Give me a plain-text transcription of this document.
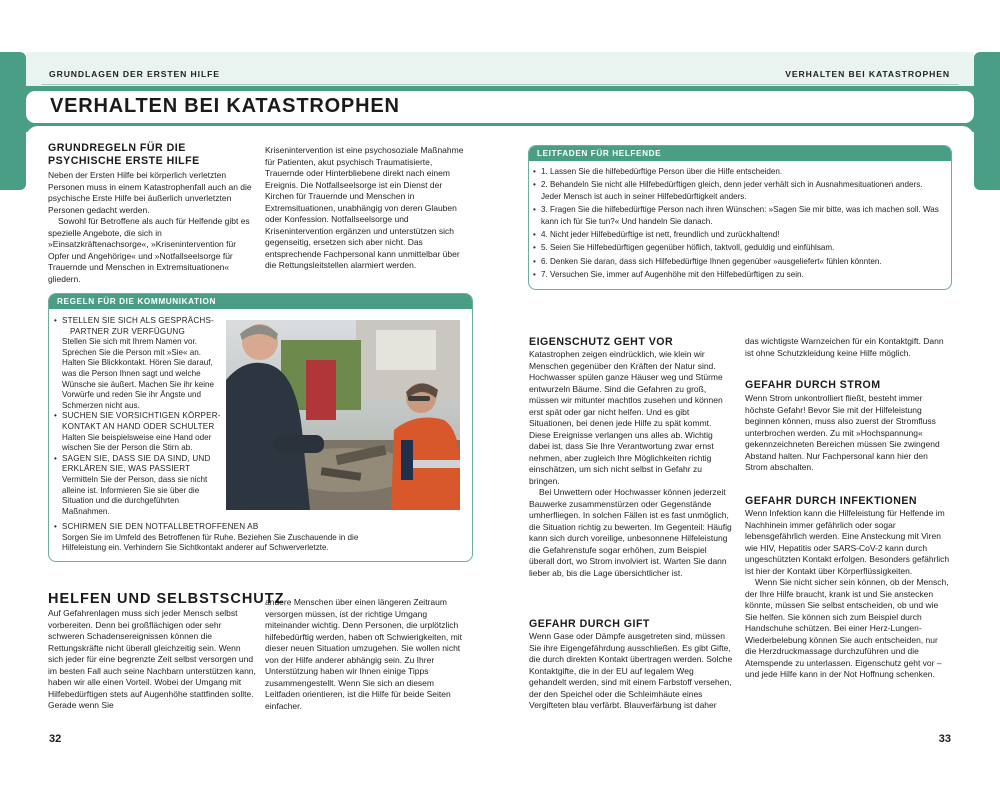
GRUNDLAGEN DER ERSTEN HILFE	VERHALTEN BEI KATASTROPHEN
VERHALTEN BEI KATASTROPHEN
GRUNDREGELN FÜR DIE
PSYCHISCHE ERSTE HILFE

Neben der Ersten Hilfe bei körperlich verletzten Personen muss in einem Katastrophenfall auch an die psychische Erste Hilfe bei äußerlich unverletzten Personen gedacht werden.

Sowohl für Betroffene als auch für Helfende gibt es spezielle Angebote, die sich in »Einsatzkräftenachsorge«, »Krisenintervention für Opfer und Angehörige« und »Notfallseelsorge für Trauernde und Menschen in Extremsituationen« gliedern.

Krisenintervention ist eine psychosoziale Maßnahme für Patienten, akut psychisch Traumatisierte, Trauernde oder Hinterbliebene direkt nach einem Ereignis. Die Notfallseelsorge ist ein Dienst der Kirchen für Trauernde und Menschen in Extremsituationen, unabhängig von deren Glauben oder Konfession. Notfallseelsorge und Krisenintervention ergänzen und unterstützen sich gegenseitig, ersetzen sich aber nicht. Das entsprechende Fachpersonal kann unmittelbar über die Rettungsleitstellen alarmiert werden.

REGELN FÜR DIE KOMMUNIKATION
• STELLEN SIE SICH ALS GESPRÄCHS-
PARTNER ZUR VERFÜGUNG
Stellen Sie sich mit Ihrem Namen vor. Sprechen Sie die Person mit »Sie« an. Halten Sie Blickkontakt. Hören Sie darauf, was die Person Ihnen sagt und welche Wünsche sie äußert. Machen Sie ihr keine Vorwürfe und reden Sie ihr Ängste und Schmerzen nicht aus.
• SUCHEN SIE VORSICHTIGEN KÖRPER-
KONTAKT AN HAND ODER SCHULTER
Halten Sie beispielsweise eine Hand oder wischen Sie der Person die Stirn ab.
• SAGEN SIE, DASS SIE DA SIND, UND
ERKLÄREN SIE, WAS PASSIERT
Vermitteln Sie der Person, dass sie nicht alleine ist. Informieren Sie sie über die Situation und die durchgeführten Maßnahmen.
• SCHIRMEN SIE DEN NOTFALLBETROFFENEN AB
Sorgen Sie im Umfeld des Betroffenen für Ruhe. Beziehen Sie Zuschauende in die Hilfeleistung ein. Verhindern Sie Sichtkontakt anderer auf Schwerverletzte.
HELFEN UND SELBSTSCHUTZ

Auf Gefahrenlagen muss sich jeder Mensch selbst vorbereiten. Denn bei großflächigen oder sehr schweren Schadensereignissen können die Rettungskräfte nicht überall gleichzeitig sein. Wenn sich jeder für eine begrenzte Zeit selbst versorgen und im besten Fall auch seine Nachbarn unterstützen kann, haben wir alle einen Vorteil. Wobei der Umgang mit Hilfebedürftigen stets auf Augenhöhe stattfinden sollte. Gerade wenn Sie

andere Menschen über einen längeren Zeitraum versorgen müssen, ist der richtige Umgang miteinander wichtig. Denn Personen, die urplötzlich hilfebedürftig werden, haben oft Schwierigkeiten, mit dieser neuen Situation umzugehen. Sie wollen nicht von der Hilfe anderer abhängig sein. Zu Ihrer Unterstützung haben wir Ihnen einige Tipps zusammengestellt. Wenn Sie sich an diesem Leitfaden orientieren, ist die Hilfe für beide Seiten einfacher.

32
LEITFADEN FÜR HELFENDE
• 1. Lassen Sie die hilfebedürftige Person über die Hilfe entscheiden.
• 2. Behandeln Sie nicht alle Hilfebedürftigen gleich, denn jeder verhält sich in Ausnahmesituationen anders. Jeder Mensch ist auch in seiner Hilfebedürftigkeit anders.
• 3. Fragen Sie die hilfebedürftige Person nach ihren Wünschen: »Sagen Sie mir bitte, was ich machen soll. Was kann ich für Sie tun?« Und handeln Sie danach.
• 4. Nicht jeder Hilfebedürftige ist nett, freundlich und zurückhaltend!
• 5. Seien Sie Hilfebedürftigen gegenüber höflich, taktvoll, geduldig und einfühlsam.
• 6. Denken Sie daran, dass sich Hilfebedürftige Ihnen gegenüber »ausgeliefert« fühlen könnten.
• 7. Versuchen Sie, immer auf Augenhöhe mit den Hilfebedürftigen zu sein.
EIGENSCHUTZ GEHT VOR

Katastrophen zeigen eindrücklich, wie klein wir Menschen gegenüber den Kräften der Natur sind. Hochwasser spülen ganze Häuser weg und Stürme entwurzeln Bäume. Sind die Gefahren zu groß, müssen wir mitunter machtlos zusehen und können erst spät oder gar nicht helfen. Und es gibt Situationen, bei denen jede Hilfe zu spät kommt. Diese Ereignisse verlangen uns alles ab. Wichtig dabei ist, dass Sie Ihre Verantwortung zwar ernst nehmen, aber zugleich Ihre Möglichkeiten richtig einschätzen, um sich nicht selbst in Gefahr zu bringen.

Bei Unwettern oder Hochwasser können jederzeit Bauwerke zusammenstürzen oder Gegenstände umherfliegen. In solchen Fällen ist es fast unmöglich, die Situation richtig zu bewerten. Im Gegenteil: Häufig kann sich durch voreilige, unbesonnene Hilfeleistung die Gefahrenstufe sogar erhöhen, zum Beispiel überall dort, wo Strom involviert ist. Warten Sie dann lieber ab, bis die Lage übersichtlicher ist.

GEFAHR DURCH GIFT

Wenn Gase oder Dämpfe ausgetreten sind, müssen Sie ihre Eigengefährdung ausschließen. Es gibt Gifte, die durch direkten Kontakt übertragen werden. Solche Kontaktgifte, die in der EU auf legalem Weg gehandelt werden, sind mit einem Farbstoff versehen, der den Speichel oder die Schleimhäute eines Vergifteten blau verfärbt. Blauverfärbung ist daher

das wichtigste Warnzeichen für ein Kontaktgift. Dann ist ohne Schutzkleidung keine Hilfe möglich.

GEFAHR DURCH STROM

Wenn Strom unkontrolliert fließt, besteht immer höchste Gefahr! Bevor Sie mit der Hilfeleistung beginnen können, muss also zuerst der Stromfluss unterbrochen werden. Zu mit »Hochspannung« gekennzeichneten Bereichen müssen Sie zwingend Abstand halten. Nur Fachpersonal kann hier den Strom abschalten.

GEFAHR DURCH INFEKTIONEN

Wenn Infektion kann die Hilfeleistung für Helfende im Nachhinein immer gefährlich oder sogar lebensgefährlich werden. Eine Ansteckung mit Viren wie HIV, Hepatitis oder SARS-CoV-2 kann durch ungeschützten Kontakt erfolgen. Besonders gefährlich ist hier der Kontakt über Körperflüssigkeiten.

Wenn Sie nicht sicher sein können, ob der Mensch, der Ihre Hilfe braucht, krank ist und Sie anstecken könnte, müssen Sie selbst entscheiden, ob und wie Sie helfen. Sie können sich zum Beispiel durch Handschuhe schützen. Bei einer Herz-Lungen-Wiederbelebung können Sie auch entscheiden, nur die Herzdruckmassage durchzuführen und die Atemspende zu unterlassen. Eigenschutz geht vor – und jede Hilfe kann in der Not Hoffnung schenken.

33
